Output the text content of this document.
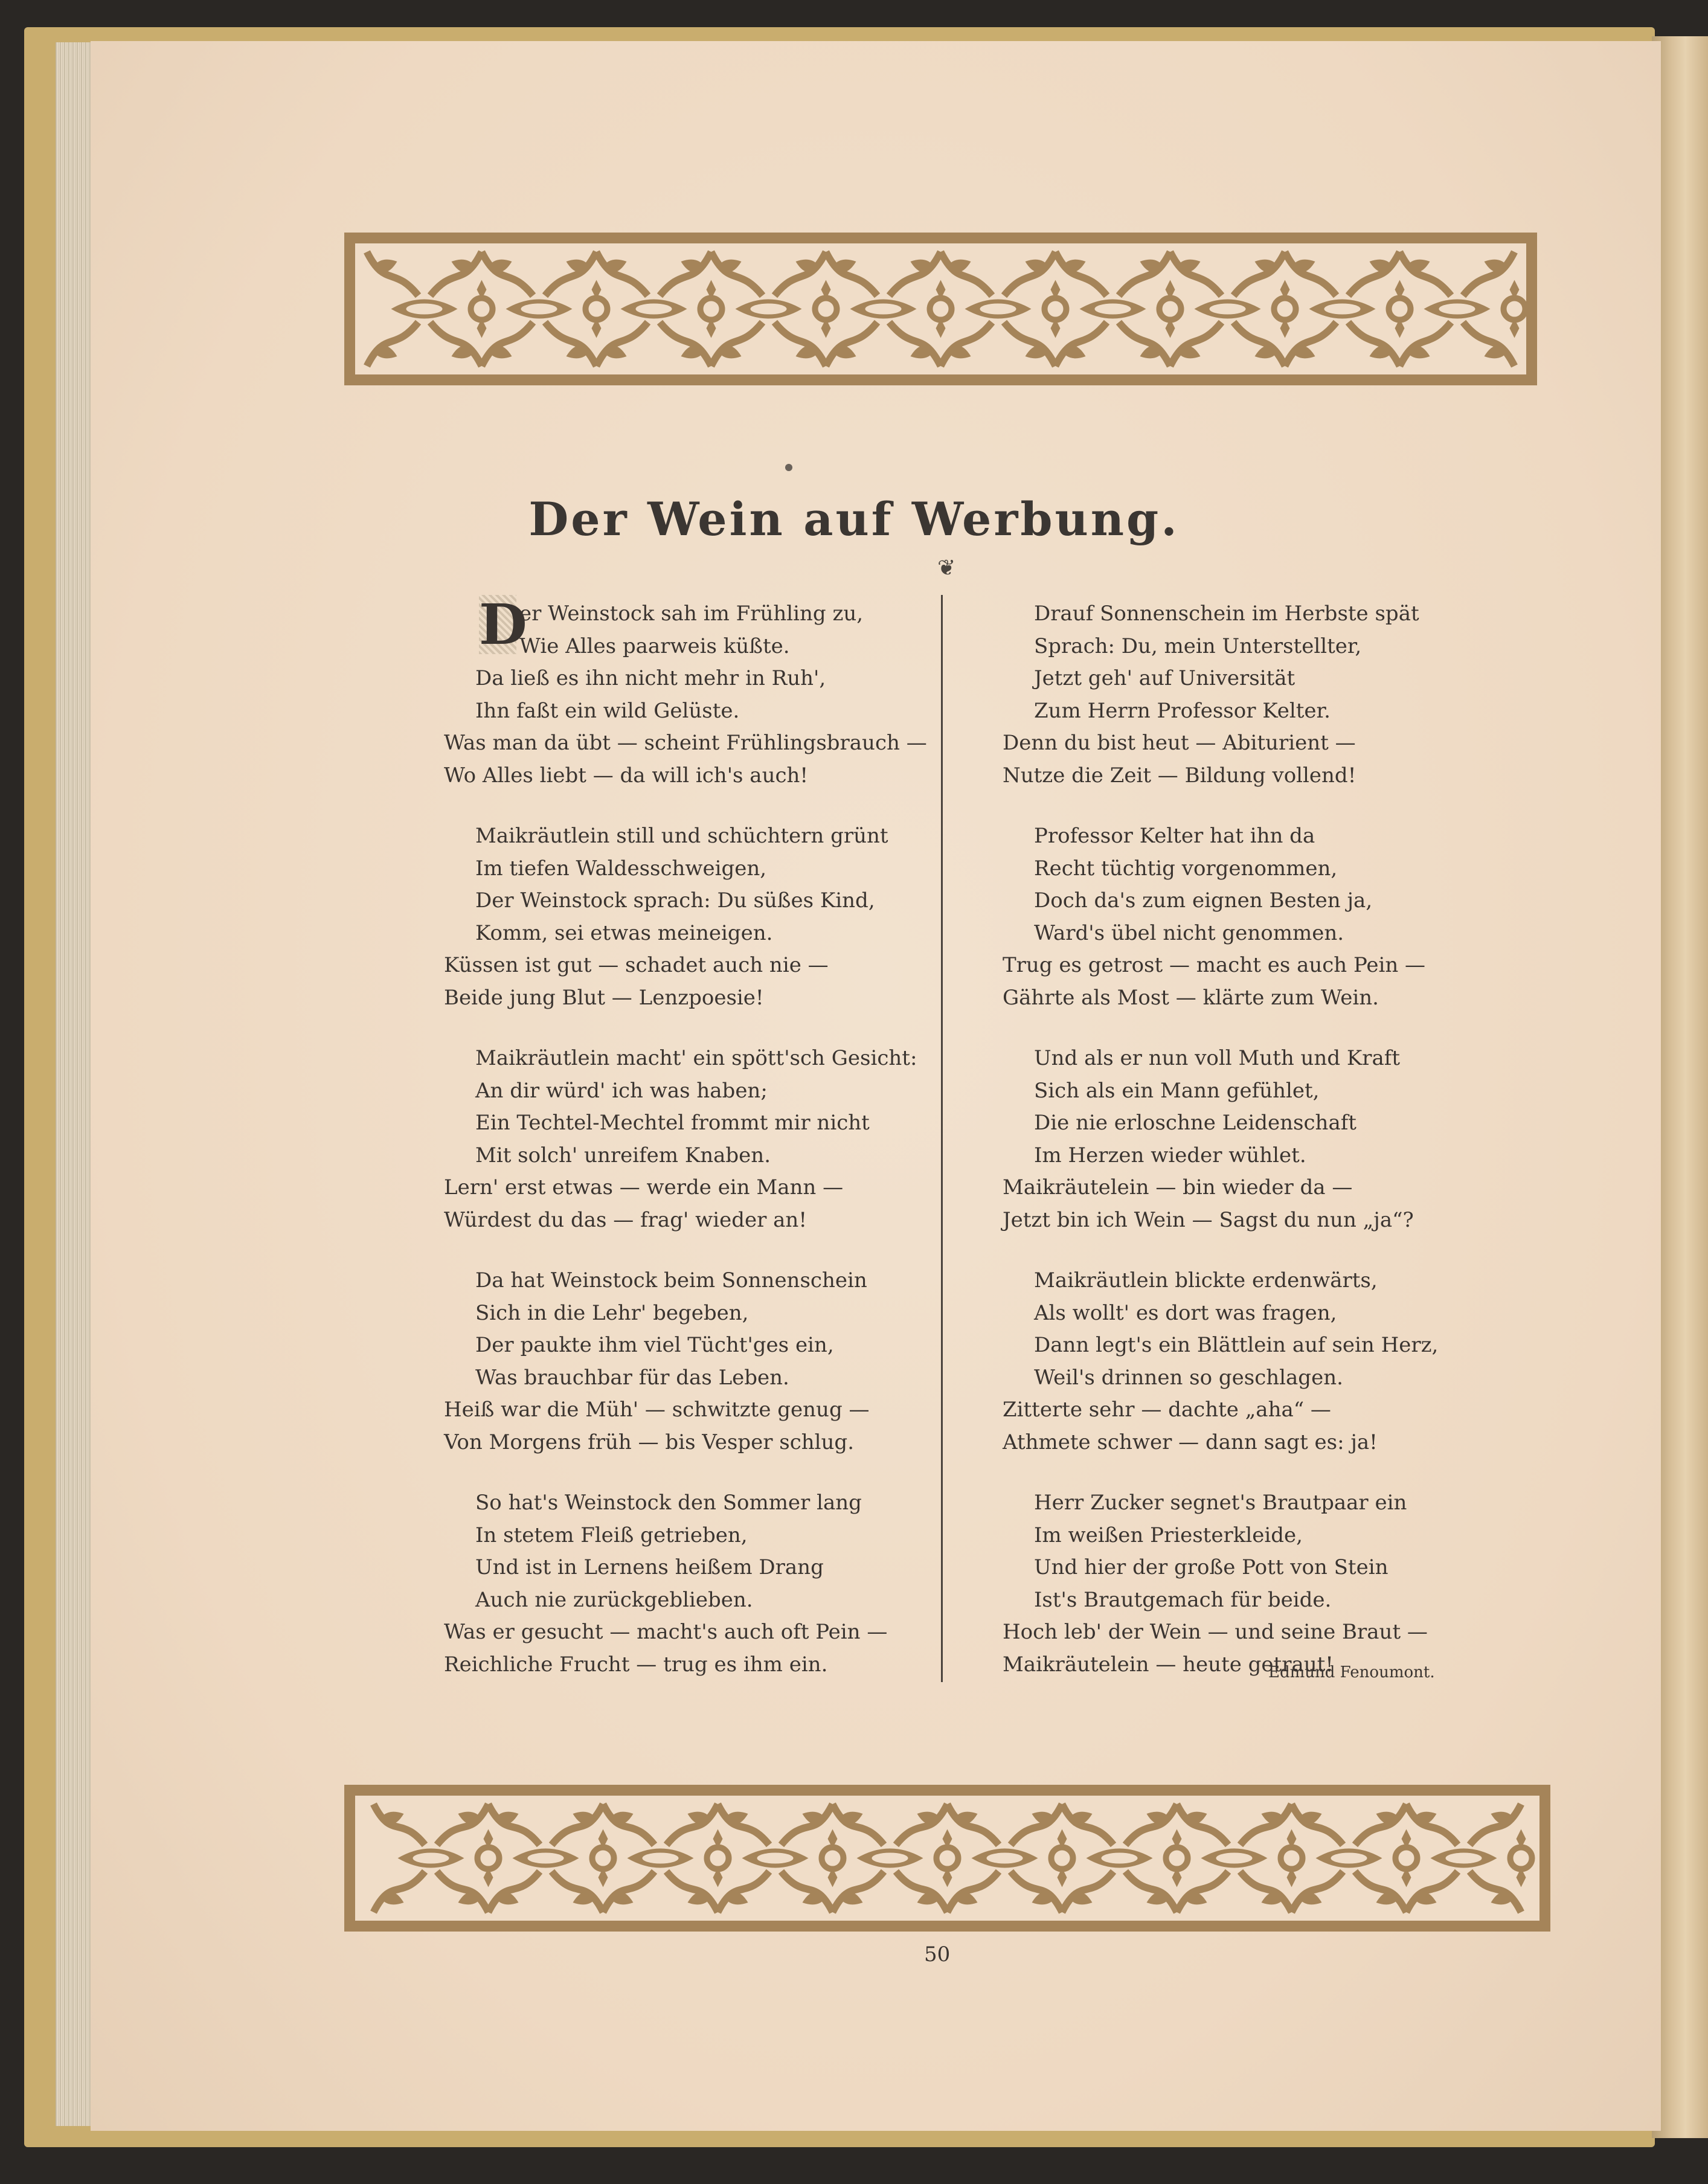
Der Wein auf Werbung.
❦
D
er Weinstock sah im Frühling zu,
Wie Alles paarweis küßte.
Da ließ es ihn nicht mehr in Ruh',
Ihn faßt ein wild Gelüste.
Was man da übt — scheint Frühlingsbrauch —
Wo Alles liebt — da will ich's auch!
Maikräutlein still und schüchtern grünt
Im tiefen Waldesschweigen,
Der Weinstock sprach: Du süßes Kind,
Komm, sei etwas meineigen.
Küssen ist gut — schadet auch nie —
Beide jung Blut — Lenzpoesie!
Maikräutlein macht' ein spött'sch Gesicht:
An dir würd' ich was haben;
Ein Techtel-Mechtel frommt mir nicht
Mit solch' unreifem Knaben.
Lern' erst etwas — werde ein Mann —
Würdest du das — frag' wieder an!
Da hat Weinstock beim Sonnenschein
Sich in die Lehr' begeben,
Der paukte ihm viel Tücht'ges ein,
Was brauchbar für das Leben.
Heiß war die Müh' — schwitzte genug —
Von Morgens früh — bis Vesper schlug.
So hat's Weinstock den Sommer lang
In stetem Fleiß getrieben,
Und ist in Lernens heißem Drang
Auch nie zurückgeblieben.
Was er gesucht — macht's auch oft Pein —
Reichliche Frucht — trug es ihm ein.
Drauf Sonnenschein im Herbste spät
Sprach: Du, mein Unterstellter,
Jetzt geh' auf Universität
Zum Herrn Professor Kelter.
Denn du bist heut — Abiturient —
Nutze die Zeit — Bildung vollend!
Professor Kelter hat ihn da
Recht tüchtig vorgenommen,
Doch da's zum eignen Besten ja,
Ward's übel nicht genommen.
Trug es getrost — macht es auch Pein —
Gährte als Most — klärte zum Wein.
Und als er nun voll Muth und Kraft
Sich als ein Mann gefühlet,
Die nie erloschne Leidenschaft
Im Herzen wieder wühlet.
Maikräutelein — bin wieder da —
Jetzt bin ich Wein — Sagst du nun „ja“?
Maikräutlein blickte erdenwärts,
Als wollt' es dort was fragen,
Dann legt's ein Blättlein auf sein Herz,
Weil's drinnen so geschlagen.
Zitterte sehr — dachte „aha“ —
Athmete schwer — dann sagt es: ja!
Herr Zucker segnet's Brautpaar ein
Im weißen Priesterkleide,
Und hier der große Pott von Stein
Ist's Brautgemach für beide.
Hoch leb' der Wein — und seine Braut —
Maikräutelein — heute getraut!
Edmund Fenoumont.
50
